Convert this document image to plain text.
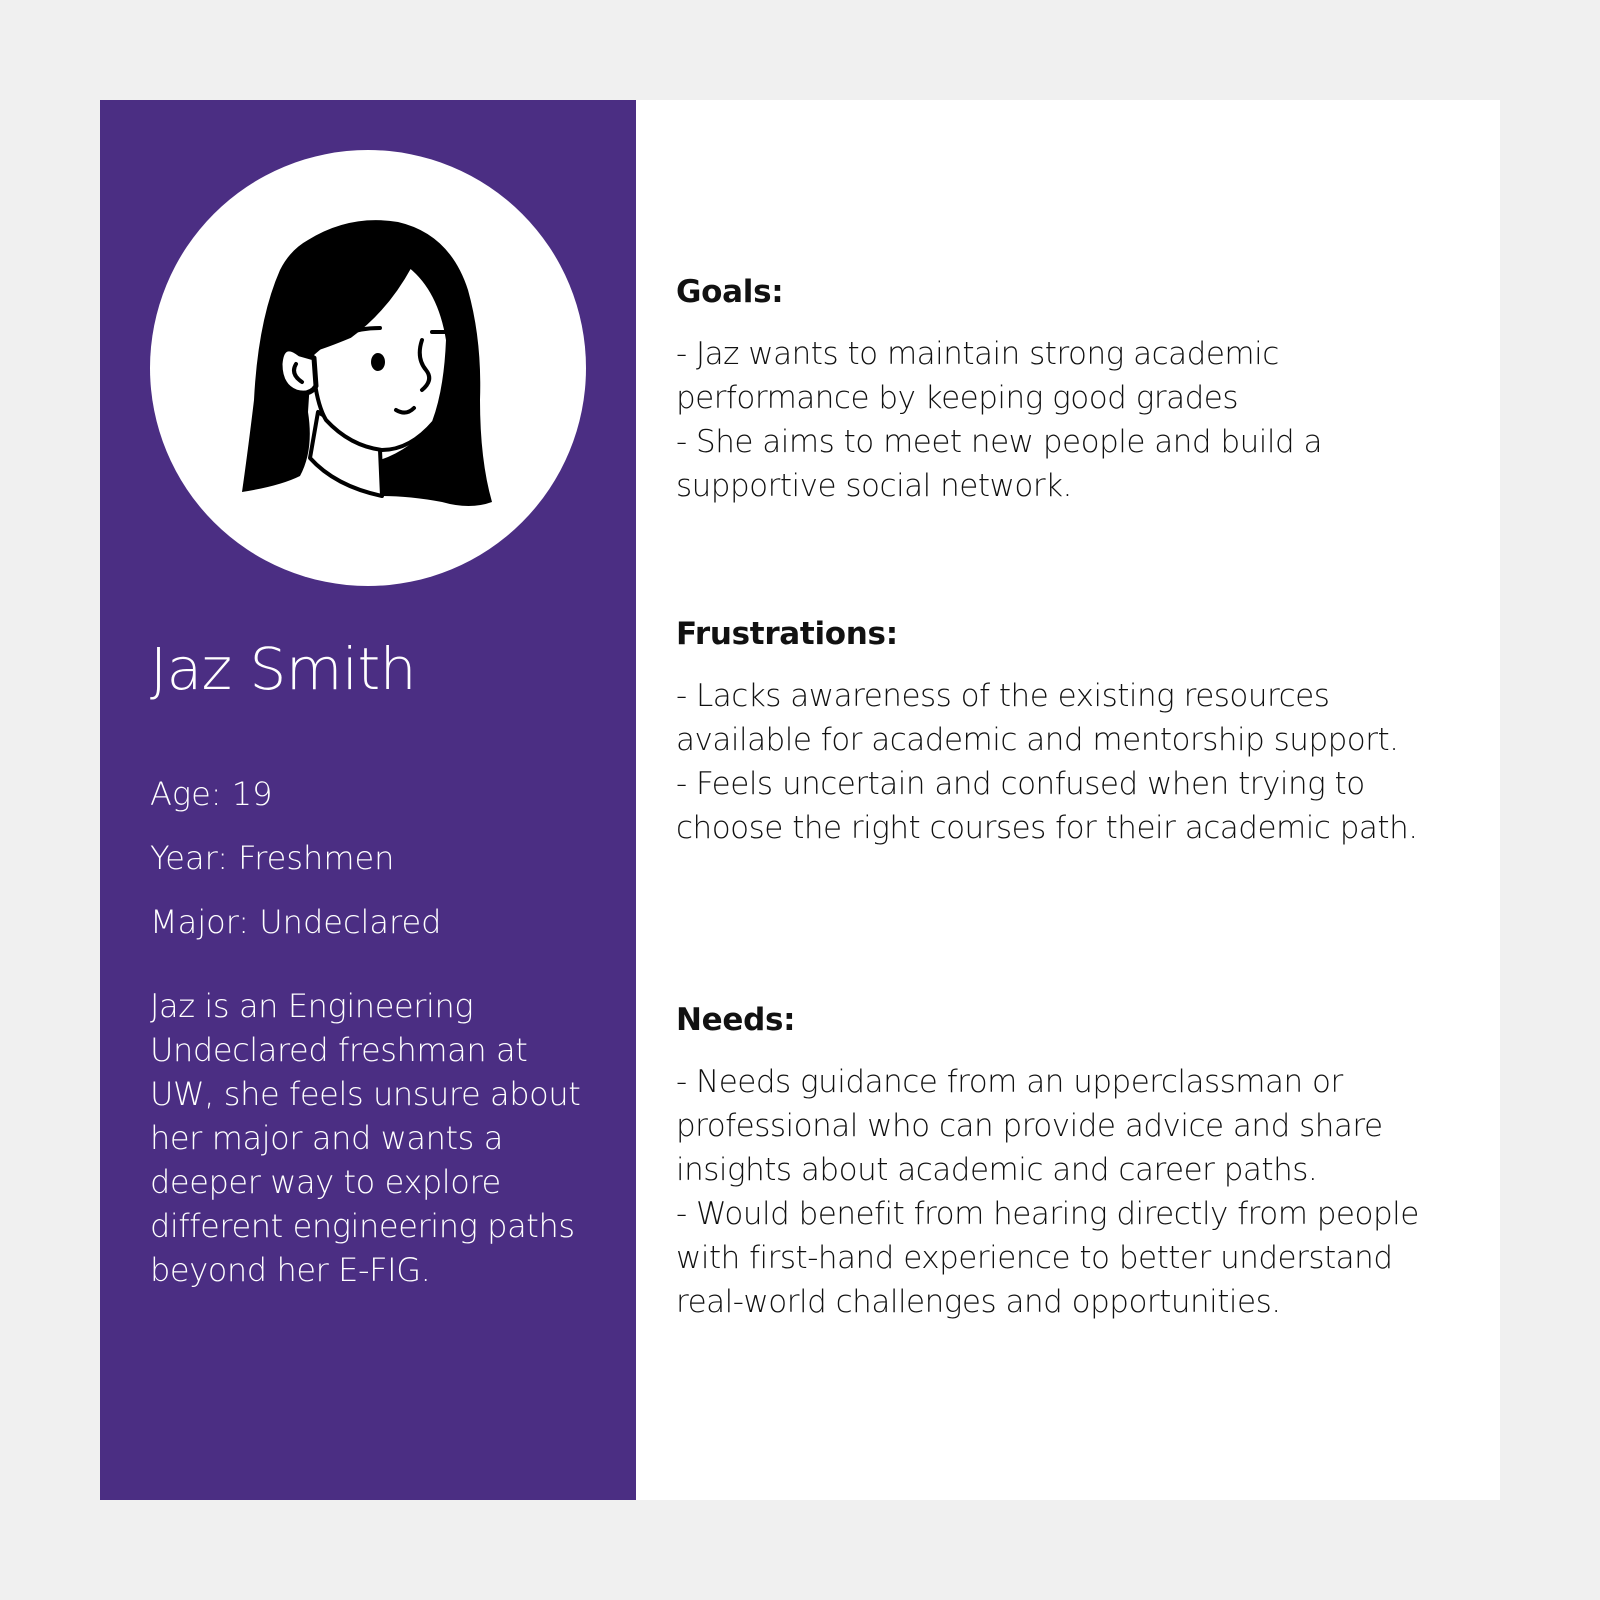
Jaz Smith
Age: 19
Year: Freshmen
Major: Undeclared
Jaz is an Engineering Undeclared freshman at UW, she feels unsure about her major and wants a deeper way to explore different engineering paths beyond her E-FIG.
Goals:
- Jaz wants to maintain strong academic performance by keeping good grades
- She aims to meet new people and build a supportive social network.
Frustrations:
- Lacks awareness of the existing resources available for academic and mentorship support.
- Feels uncertain and confused when trying to choose the right courses for their academic path.
Needs:
- Needs guidance from an upperclassman or professional who can provide advice and share insights about academic and career paths.
- Would benefit from hearing directly from people with first-hand experience to better understand real-world challenges and opportunities.
